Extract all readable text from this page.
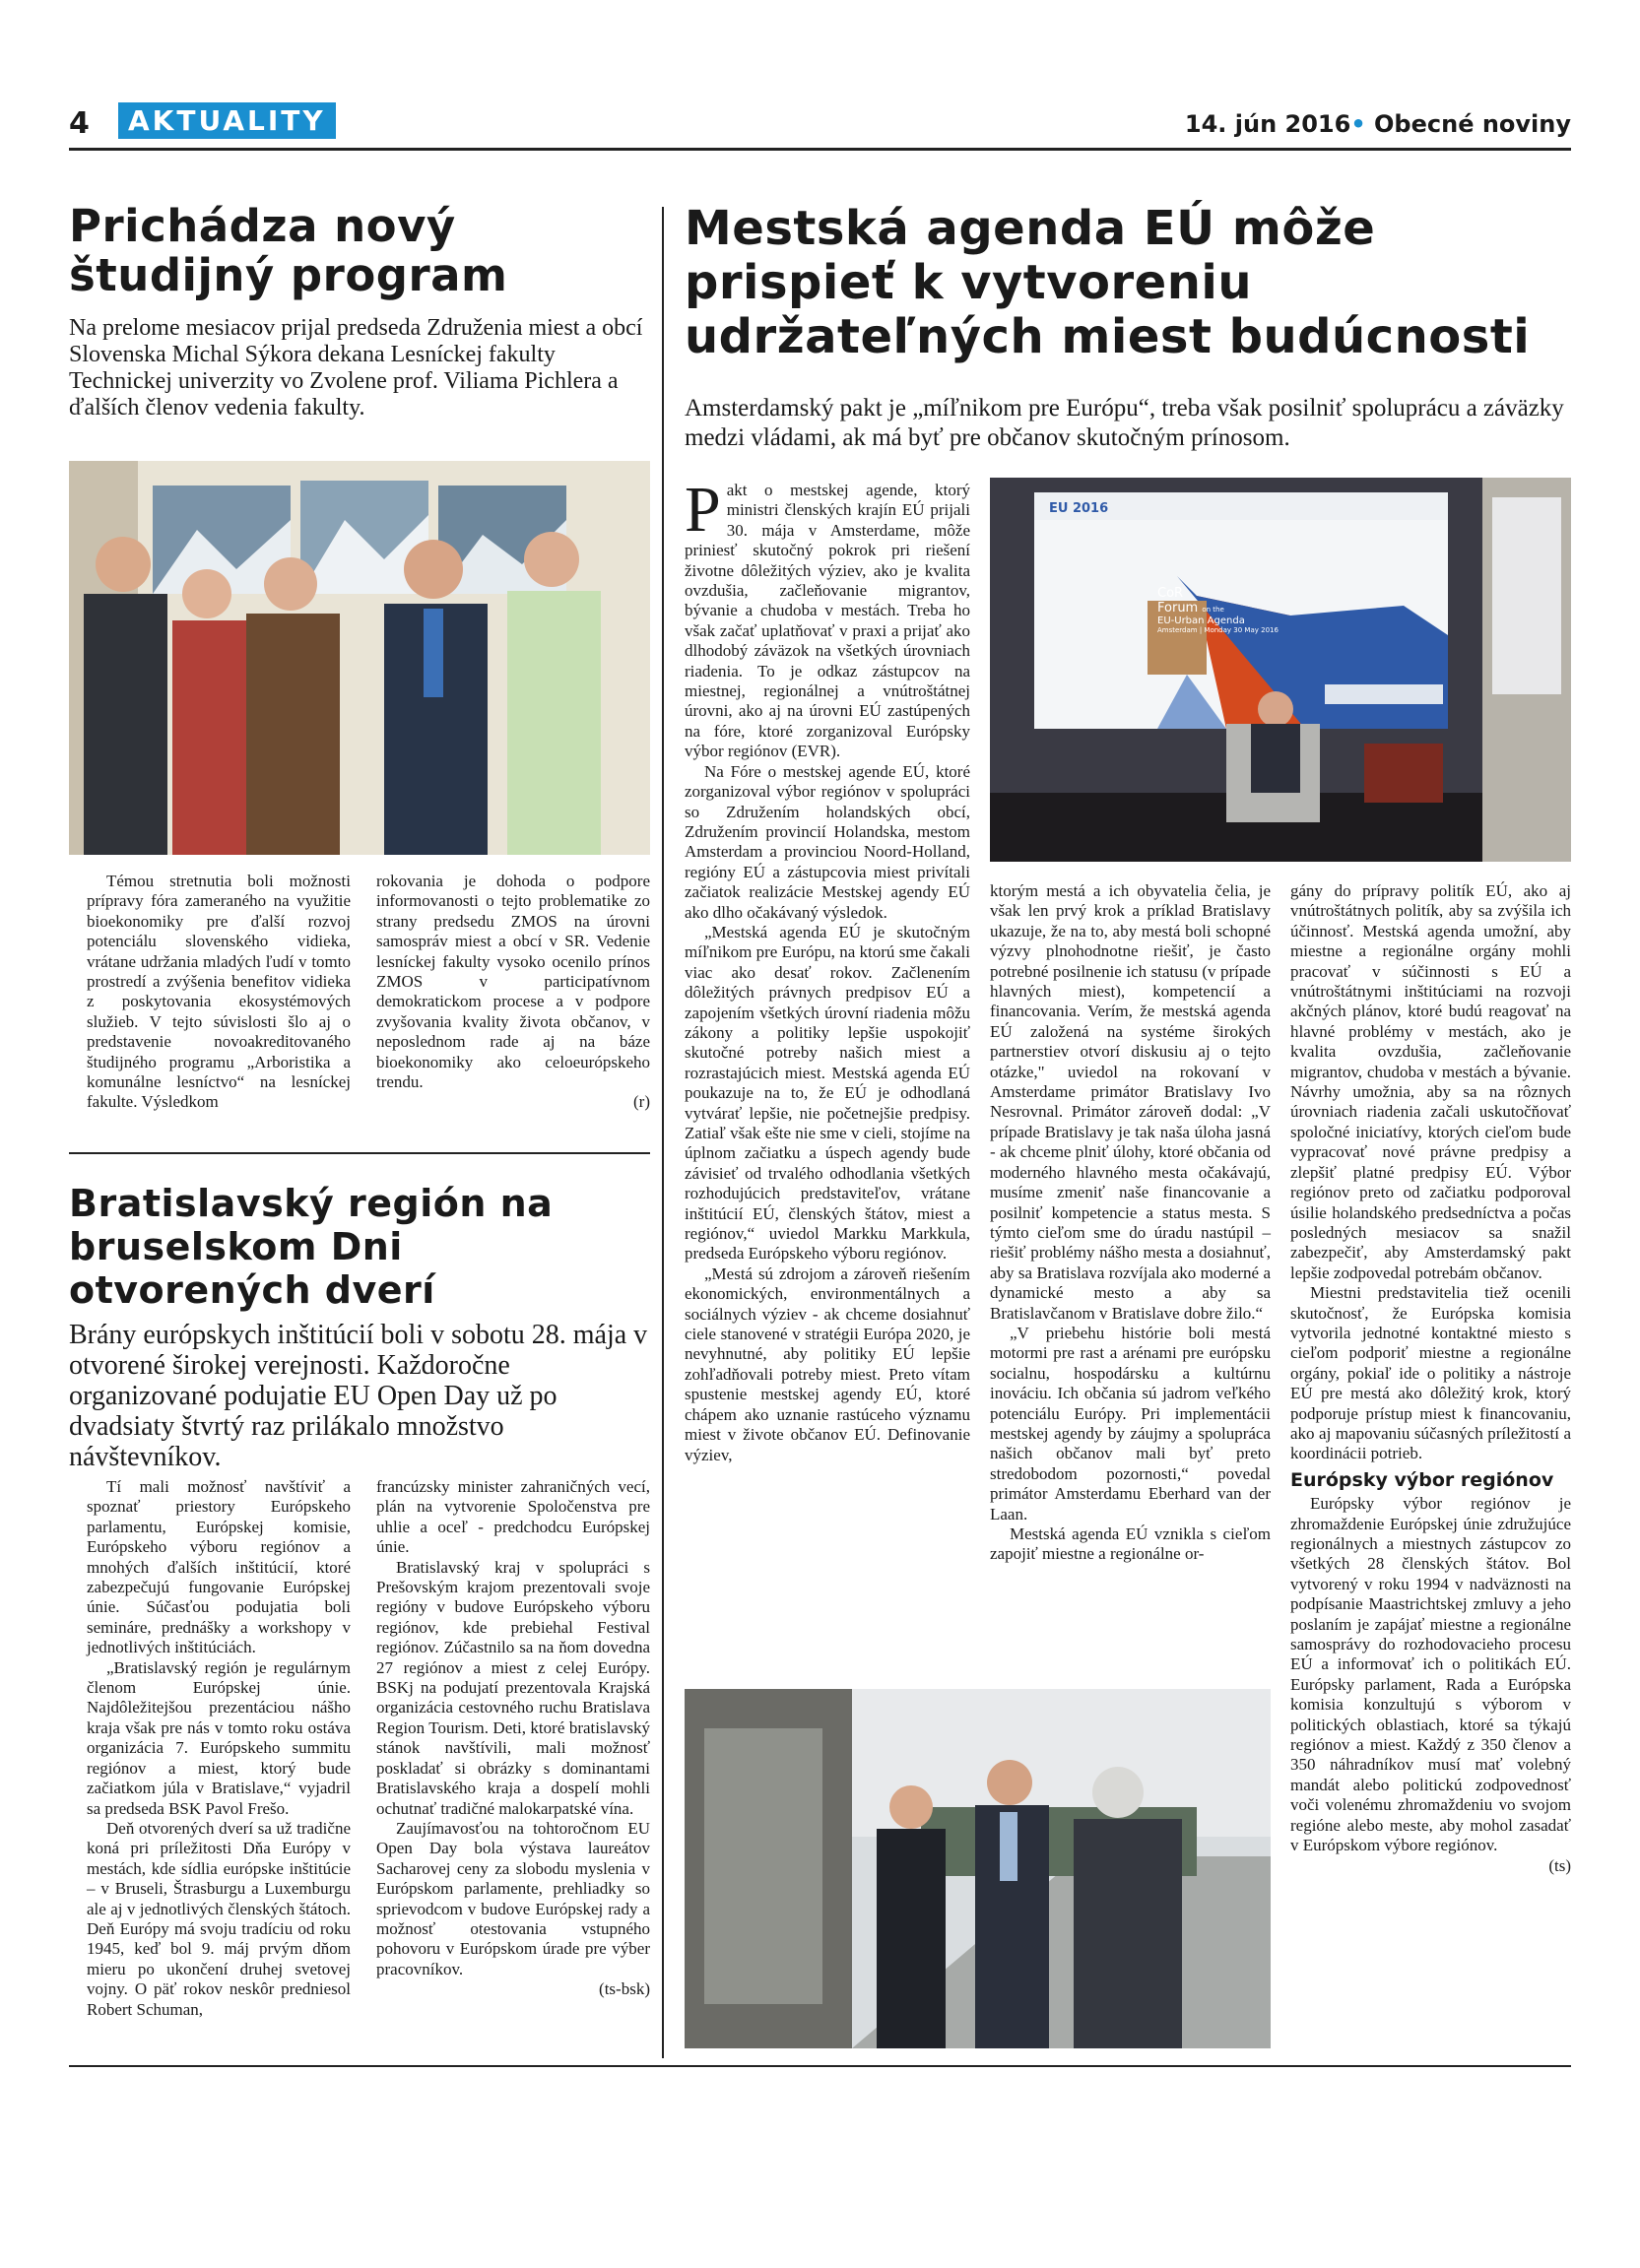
4	AKTUALITY	14. jún 2016• Obecné noviny
Prichádza nový študijný program
Na prelome mesiacov prijal predseda Združenia miest a obcí Slovenska Michal Sýkora dekana Lesníckej fakulty Technickej univerzity vo Zvolene prof. Viliama Pichlera a ďalších členov vedenia fakulty.

Témou stretnutia boli možnosti prípravy fóra zameraného na využitie bioekonomiky pre ďalší rozvoj potenciálu slovenského vidieka, vrátane udržania mladých ľudí v tomto prostredí a zvýšenia benefitov vidieka z poskytovania ekosystémových služieb. V tejto súvislosti šlo aj o predstavenie novoakreditovaného študijného programu „Arboristika a komunálne lesníctvo“ na lesníckej fakulte. Výsledkom

rokovania je dohoda o podpore informovanosti o tejto problematike zo strany predsedu ZMOS na úrovni samospráv miest a obcí v SR. Vedenie lesníckej fakulty vysoko ocenilo prínos ZMOS v participatívnom demokratickom procese a v podpore zvyšovania kvality života občanov, v neposlednom rade aj na báze bioekonomiky ako celoeurópskeho trendu.

(r)
Bratislavský región na bruselskom Dni otvorených dverí
Brány európskych inštitúcií boli v sobotu 28. mája v otvorené širokej verejnosti. Každoročne organizované podujatie EU Open Day už po dvadsiaty štvrtý raz prilákalo množstvo návštevníkov.

Tí mali možnosť navštíviť a spoznať priestory Európskeho parlamentu, Európskej komisie, Európskeho výboru regiónov a mnohých ďalších inštitúcií, ktoré zabezpečujú fungovanie Európskej únie. Súčasťou podujatia boli semináre, prednášky a workshopy v jednotlivých inštitúciách.

„Bratislavský región je regulárnym členom Európskej únie. Najdôležitejšou prezentáciou nášho kraja však pre nás v tomto roku ostáva organizácia 7. Európskeho summitu regiónov a miest, ktorý bude začiatkom júla v Bratislave,“ vyjadril sa predseda BSK Pavol Frešo.

Deň otvorených dverí sa už tradične koná pri príležitosti Dňa Európy v mestách, kde sídlia európske inštitúcie – v Bruseli, Štrasburgu a Luxemburgu ale aj v jednotlivých členských štátoch. Deň Európy má svoju tradíciu od roku 1945, keď bol 9. máj prvým dňom mieru po ukončení druhej svetovej vojny. O päť rokov neskôr predniesol Robert Schuman,

francúzsky minister zahraničných vecí, plán na vytvorenie Spoločenstva pre uhlie a oceľ - predchodcu Európskej únie.

Bratislavský kraj v spolupráci s Prešovským krajom prezentovali svoje regióny v budove Európskeho výboru regiónov, kde prebiehal Festival regiónov. Zúčastnilo sa na ňom dovedna 27 regiónov a miest z celej Európy. BSKj na podujatí prezentovala Krajská organizácia cestovného ruchu Bratislava Region Tourism. Deti, ktoré bratislavský stánok navštívili, mali možnosť poskladať si obrázky s dominantami Bratislavského kraja a dospelí mohli ochutnať tradičné malokarpatské vína.

Zaujímavosťou na tohtoročnom EU Open Day bola výstava laureátov Sacharovej ceny za slobodu myslenia v Európskom parlamente, prehliadky so sprievodcom v budove Európskej rady a možnosť otestovania vstupného pohovoru v Európskom úrade pre výber pracovníkov.

(ts-bsk)
Mestská agenda EÚ môže prispieť k vytvoreniu udržateľných miest budúcnosti
Amsterdamský pakt je „míľnikom pre Európu“, treba však posilniť spoluprácu a záväzky medzi vládami, ak má byť pre občanov skutočným prínosom.
EU 2016
CoR
Forum on the
EU-Urban Agenda
Amsterdam | Monday 30 May 2016

Pakt o mestskej agende, ktorý ministri členských krajín EÚ prijali 30. mája v Amsterdame, môže priniesť skutočný pokrok pri riešení životne dôležitých výziev, ako je kvalita ovzdušia, začleňovanie migrantov, bývanie a chudoba v mestách. Treba ho však začať uplatňovať v praxi a prijať ako dlhodobý záväzok na všetkých úrovniach riadenia. To je odkaz zástupcov na miestnej, regionálnej a vnútroštátnej úrovni, ako aj na úrovni EÚ zastúpených na fóre, ktoré zorganizoval Európsky výbor regiónov (EVR).

Na Fóre o mestskej agende EÚ, ktoré zorganizoval výbor regiónov v spolupráci so Združením holandských obcí, Združením provincií Holandska, mestom Amsterdam a provinciou Noord-Holland, regióny EÚ a zástupcovia miest privítali začiatok realizácie Mestskej agendy EÚ ako dlho očakávaný výsledok.

„Mestská agenda EÚ je skutočným míľnikom pre Európu, na ktorú sme čakali viac ako desať rokov. Začlenením dôležitých právnych predpisov EÚ a zapojením všetkých úrovní riadenia môžu zákony a politiky lepšie uspokojiť skutočné potreby našich miest a rozrastajúcich miest. Mestská agenda EÚ poukazuje na to, že EÚ je odhodlaná vytvárať lepšie, nie početnejšie predpisy. Zatiaľ však ešte nie sme v cieli, stojíme na úplnom začiatku a úspech agendy bude závisieť od trvalého odhodlania všetkých rozhodujúcich predstaviteľov, vrátane inštitúcií EÚ, členských štátov, miest a regiónov,“ uviedol Markku Markkula, predseda Európskeho výboru regiónov.

„Mestá sú zdrojom a zároveň riešením ekonomických, environmentálnych a sociálnych výziev - ak chceme dosiahnuť ciele stanovené v stratégii Európa 2020, je nevyhnutné, aby politiky EÚ lepšie zohľadňovali potreby miest. Preto vítam spustenie mestskej agendy EÚ, ktoré chápem ako uznanie rastúceho významu miest v živote občanov EÚ. Definovanie výziev,

ktorým mestá a ich obyvatelia čelia, je však len prvý krok a príklad Bratislavy ukazuje, že na to, aby mestá boli schopné výzvy plnohodnotne riešiť, je často potrebné posilnenie ich statusu (v prípade hlavných miest), kompetencií a financovania. Verím, že mestská agenda EÚ založená na systéme širokých partnerstiev otvorí diskusiu aj o tejto otázke," uviedol na rokovaní v Amsterdame primátor Bratislavy Ivo Nesrovnal. Primátor zároveň dodal: „V prípade Bratislavy je tak naša úloha jasná - ak chceme plniť úlohy, ktoré občania od moderného hlavného mesta očakávajú, musíme zmeniť naše financovanie a posilniť kompetencie a status mesta. S týmto cieľom sme do úradu nastúpil – riešiť problémy nášho mesta a dosiahnuť, aby sa Bratislava rozvíjala ako moderné a dynamické mesto a aby sa Bratislavčanom v Bratislave dobre žilo.“

„V priebehu histórie boli mestá motormi pre rast a arénami pre európsku socialnu, hospodársku a kultúrnu inováciu. Ich občania sú jadrom veľkého potenciálu Európy. Pri implementácii mestskej agendy by záujmy a spolupráca našich občanov mali byť preto stredobodom pozornosti,“ povedal primátor Amsterdamu Eberhard van der Laan.

Mestská agenda EÚ vznikla s cieľom zapojiť miestne a regionálne or-

gány do prípravy politík EÚ, ako aj vnútroštátnych politík, aby sa zvýšila ich účinnosť. Mestská agenda umožní, aby miestne a regionálne orgány mohli pracovať v súčinnosti s EÚ a vnútroštátnymi inštitúciami na rozvoji akčných plánov, ktoré budú reagovať na hlavné problémy v mestách, ako je kvalita ovzdušia, začleňovanie migrantov, chudoba v mestách a bývanie. Návrhy umožnia, aby sa na rôznych úrovniach riadenia začali uskutočňovať spoločné iniciatívy, ktorých cieľom bude vypracovať nové právne predpisy a zlepšiť platné predpisy EÚ. Výbor regiónov preto od začiatku podporoval úsilie holandského predsedníctva a počas posledných mesiacov sa snažil zabezpečiť, aby Amsterdamský pakt lepšie zodpovedal potrebám občanov.

Miestni predstavitelia tiež ocenili skutočnosť, že Európska komisia vytvorila jednotné kontaktné miesto s cieľom podporiť miestne a regionálne orgány, pokiaľ ide o politiky a nástroje EÚ pre mestá ako dôležitý krok, ktorý podporuje prístup miest k financovaniu, ako aj mapovaniu súčasných príležitostí a koordinácii potrieb.

Európsky výbor regiónov

Európsky výbor regiónov je zhromaždenie Európskej únie združujúce regionálnych a miestnych zástupcov zo všetkých 28 členských štátov. Bol vytvorený v roku 1994 v nadväznosti na podpísanie Maastrichtskej zmluvy a jeho poslaním je zapájať miestne a regionálne samosprávy do rozhodovacieho procesu EÚ a informovať ich o politikách EÚ. Európsky parlament, Rada a Európska komisia konzultujú s výborom v politických oblastiach, ktoré sa týkajú regiónov a miest. Každý z 350 členov a 350 náhradníkov musí mať volebný mandát alebo politickú zodpovednosť voči volenému zhromaždeniu vo svojom regióne alebo meste, aby mohol zasadať v Európskom výbore regiónov.

(ts)
